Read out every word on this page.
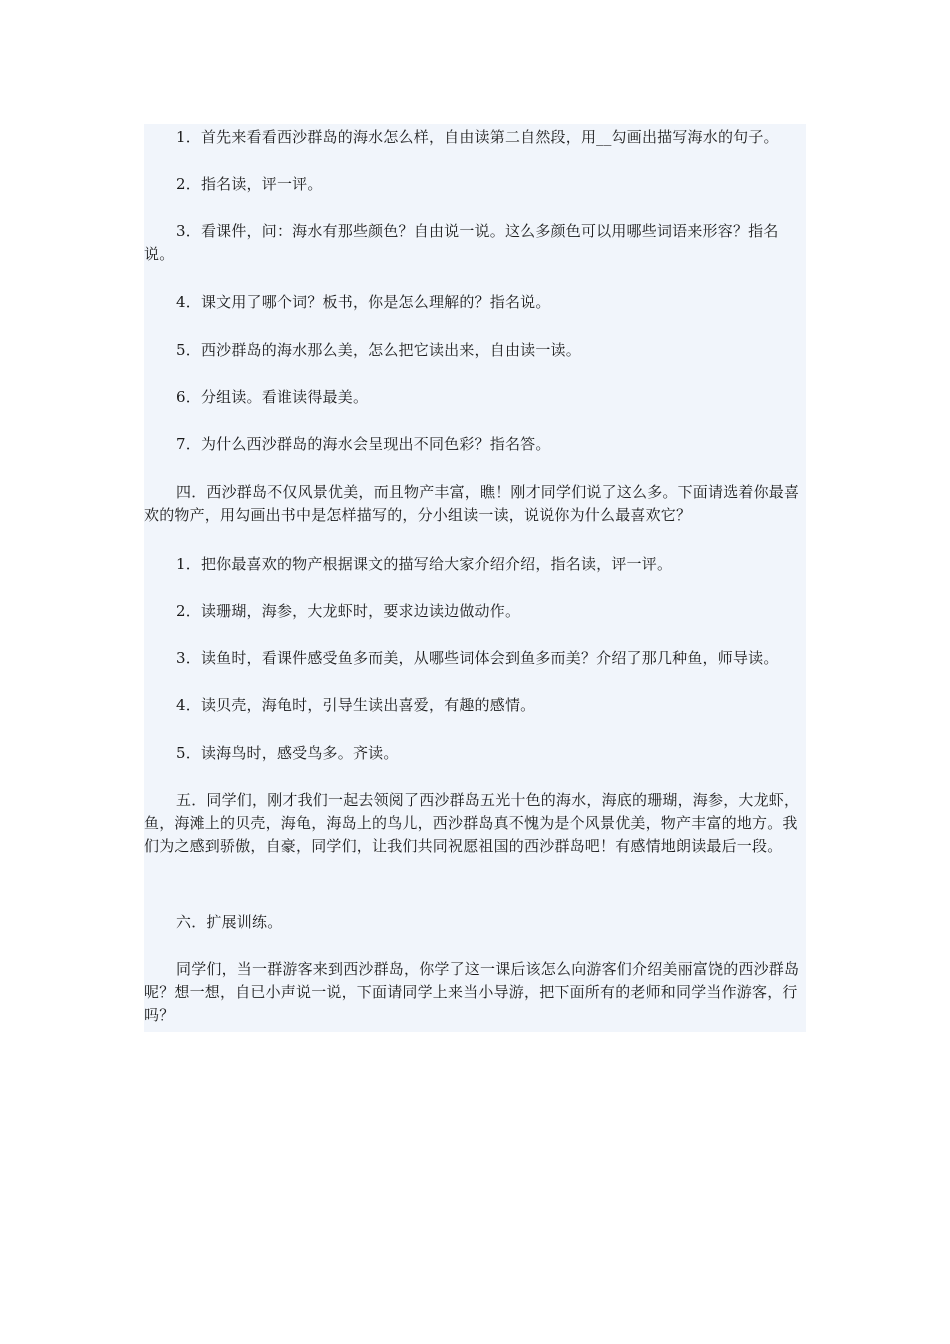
1．首先来看看西沙群岛的海水怎么样，自由读第二自然段，用__勾画出描写海水的句子。

2．指名读，评一评。

3．看课件，问：海水有那些颜色？自由说一说。这么多颜色可以用哪些词语来形容？指名说。

4．课文用了哪个词？板书，你是怎么理解的？指名说。

5．西沙群岛的海水那么美，怎么把它读出来，自由读一读。

6．分组读。看谁读得最美。

7．为什么西沙群岛的海水会呈现出不同色彩？指名答。

四．西沙群岛不仅风景优美，而且物产丰富，瞧！刚才同学们说了这么多。下面请选着你最喜欢的物产，用勾画出书中是怎样描写的，分小组读一读，说说你为什么最喜欢它？

1．把你最喜欢的物产根据课文的描写给大家介绍介绍，指名读，评一评。

2．读珊瑚，海参，大龙虾时，要求边读边做动作。

3．读鱼时，看课件感受鱼多而美，从哪些词体会到鱼多而美？介绍了那几种鱼，师导读。

4．读贝壳，海龟时，引导生读出喜爱，有趣的感情。

5．读海鸟时，感受鸟多。齐读。

五．同学们，刚才我们一起去领阅了西沙群岛五光十色的海水，海底的珊瑚，海参，大龙虾，鱼，海滩上的贝壳，海龟，海岛上的鸟儿，西沙群岛真不愧为是个风景优美，物产丰富的地方。我们为之感到骄傲，自豪，同学们，让我们共同祝愿祖国的西沙群岛吧！有感情地朗读最后一段。

六．扩展训练。

同学们，当一群游客来到西沙群岛，你学了这一课后该怎么向游客们介绍美丽富饶的西沙群岛呢？想一想，自已小声说一说，下面请同学上来当小导游，把下面所有的老师和同学当作游客，行吗？
